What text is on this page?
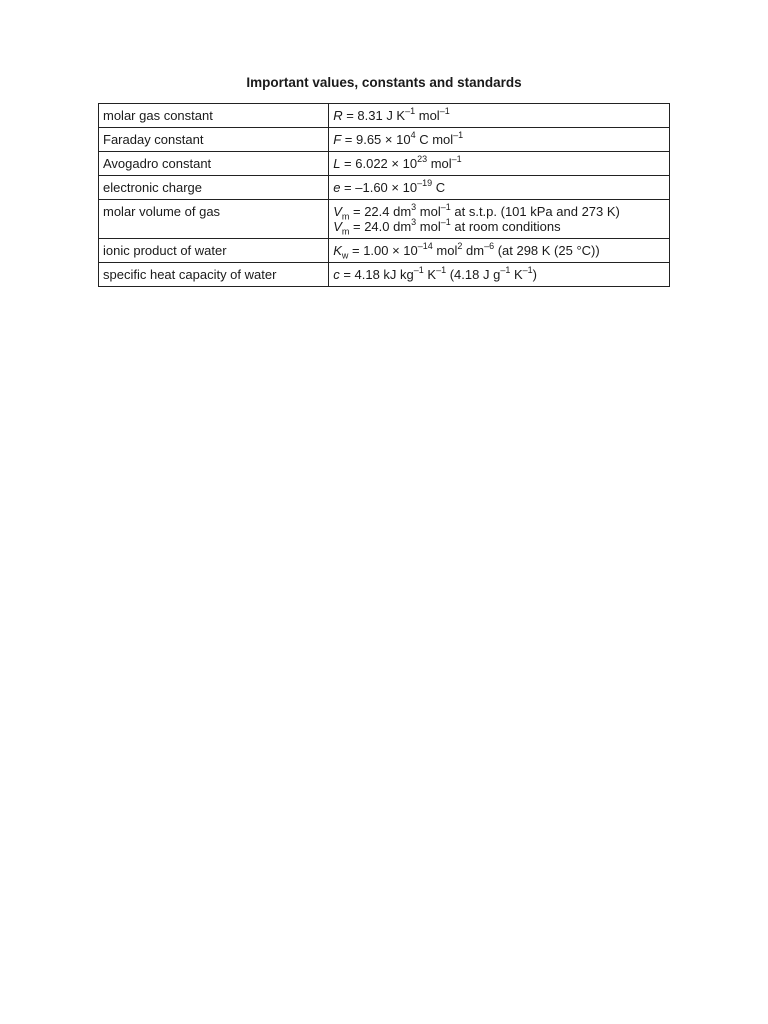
Important values, constants and standards
molar gas constant	R = 8.31 J $K^{-1}$ mol$^{-1}$

Faraday constant	$F = 9.65 \times 10^4$ C mol$^{-1}$

Avogadro constant	$L = 6.022 \times 10^{23}$ mol$^{-1}$

electronic charge	$e = -1.60 \times 10^{-19}$ C

molar volume of gas	$V_m = 22.4$ $dm^3$ mol$^{-1}$ at s.t.p. (101 kPa and 273 K)
$V_m = 24.0$ $dm^3$ mol$^{-1}$ at room conditions

ionic product of water	$K_w = 1.00 \times 10^{-14}$ mol$^2$ $dm^{-6}$ (at 298 K (25 °C))

specific heat capacity of water	c = 4.18 kJ $kg^{-1}$ $K^{-1}$ (4.18 J $g^{-1}$ $K^{-1}$)
